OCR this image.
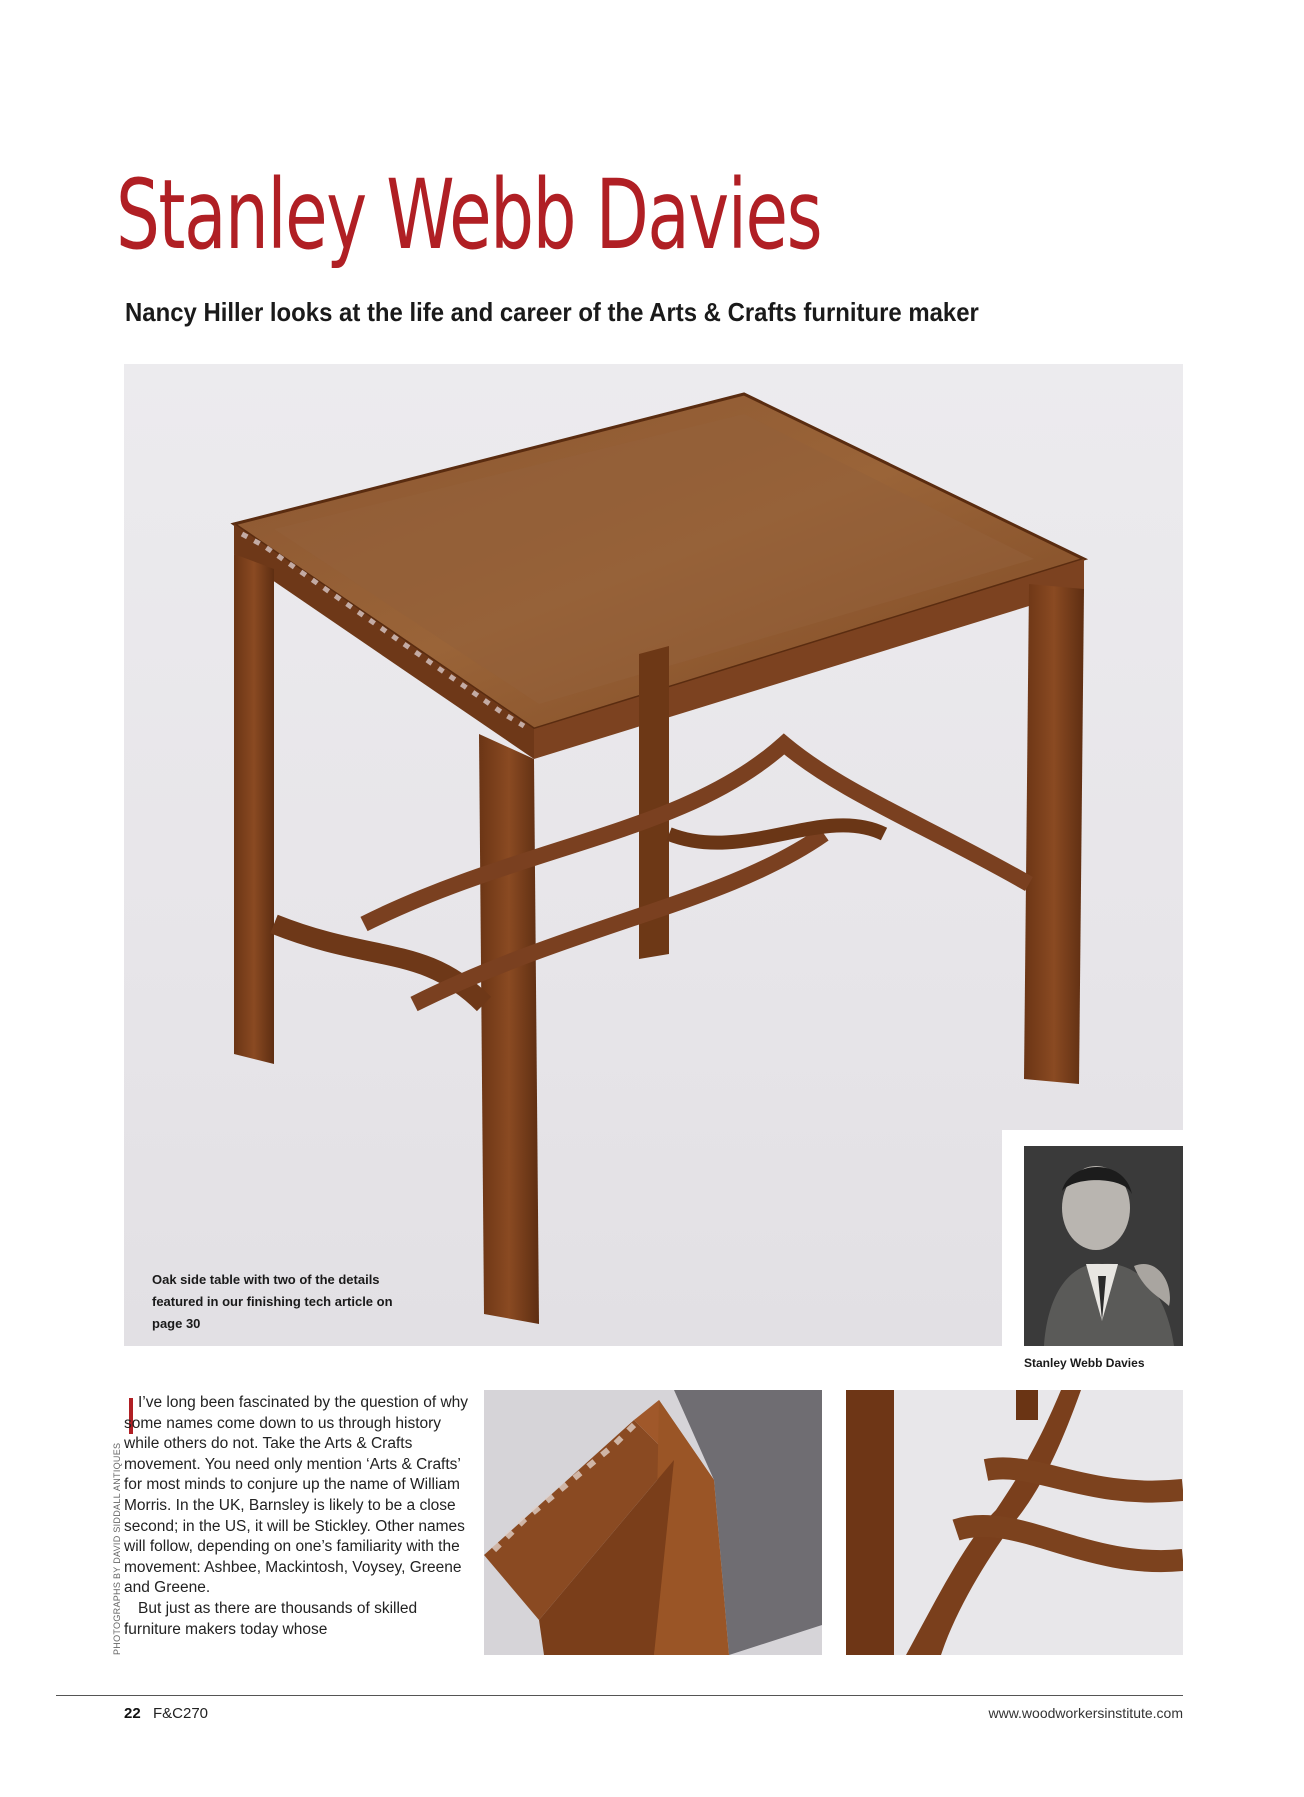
Stanley Webb Davies
Nancy Hiller looks at the life and career of the Arts & Crafts furniture maker
Oak side table with two of the details featured in our finishing tech article on page 30
Stanley Webb Davies

I’ve long been fascinated by the question of why some names come down to us through history while others do not. Take the Arts & Crafts movement. You need only mention ‘Arts & Crafts’ for most minds to conjure up the name of William Morris. In the UK, Barnsley is likely to be a close second; in the US, it will be Stickley. Other names will follow, depending on one’s familiarity with the movement: Ashbee, Mackintosh, Voysey, Greene and Greene.

But just as there are thousands of skilled furniture makers today whose

PHOTOGRAPHS BY DAVID SIDDALL ANTIQUES
22 F&C270	www.woodworkersinstitute.com
